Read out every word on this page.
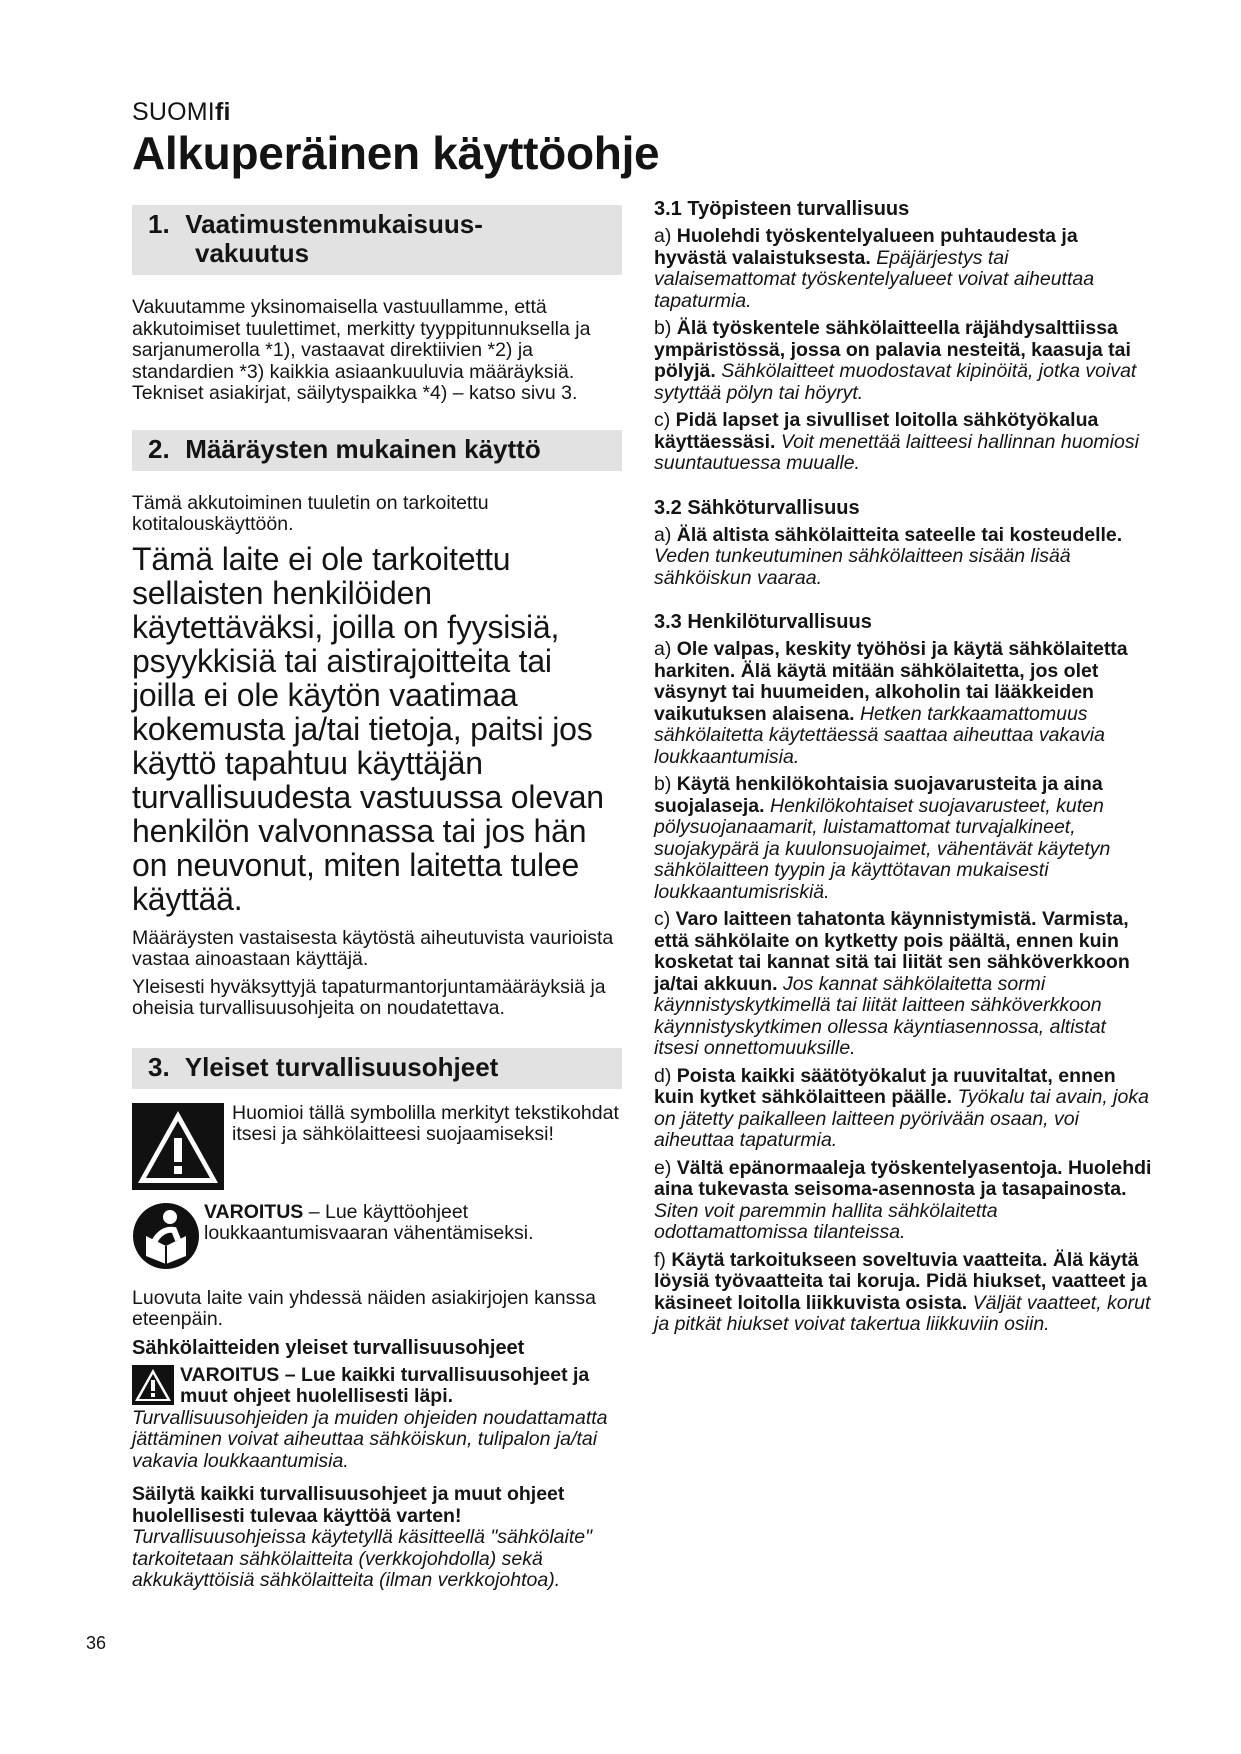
SUOMIfi
Alkuperäinen käyttöohje
1. Vaatimustenmukaisuus-
vakuutus

Vakuutamme yksinomaisella vastuullamme, että akkutoimiset tuulettimet, merkitty tyyppitunnuksella ja sarjanumerolla *1), vastaavat direktiivien *2) ja standardien *3) kaikkia asiaankuuluvia määräyksiä. Tekniset asiakirjat, säilytyspaikka *4) – katso sivu 3.

2. Määräysten mukainen käyttö

Tämä akkutoiminen tuuletin on tarkoitettu kotitalouskäyttöön.

Tämä laite ei ole tarkoitettu sellaisten henkilöiden käytettäväksi, joilla on fyysisiä, psyykkisiä tai aistirajoitteita tai joilla ei ole käytön vaatimaa kokemusta ja/tai tietoja, paitsi jos käyttö tapahtuu käyttäjän turvallisuudesta vastuussa olevan henkilön valvonnassa tai jos hän on neuvonut, miten laitetta tulee käyttää.

Määräysten vastaisesta käytöstä aiheutuvista vaurioista vastaa ainoastaan käyttäjä.

Yleisesti hyväksyttyjä tapaturmantorjuntamääräyksiä ja oheisia turvallisuusohjeita on noudatettava.

3. Yleiset turvallisuusohjeet

Huomioi tällä symbolilla merkityt tekstikohdat itsesi ja sähkölaitteesi suojaamiseksi!

VAROITUS – Lue käyttöohjeet loukkaantumisvaaran vähentämiseksi.

Luovuta laite vain yhdessä näiden asiakirjojen kanssa eteenpäin.

Sähkölaitteiden yleiset turvallisuusohjeet

VAROITUS – Lue kaikki turvallisuusohjeet ja muut ohjeet huolellisesti läpi.

Turvallisuusohjeiden ja muiden ohjeiden noudattamatta jättäminen voivat aiheuttaa sähköiskun, tulipalon ja/tai vakavia loukkaantumisia.

Säilytä kaikki turvallisuusohjeet ja muut ohjeet huolellisesti tulevaa käyttöä varten!

Turvallisuusohjeissa käytetyllä käsitteellä "sähkölaite" tarkoitetaan sähkölaitteita (verkkojohdolla) sekä akkukäyttöisiä sähkölaitteita (ilman verkkojohtoa).

3.1 Työpisteen turvallisuus

a) Huolehdi työskentelyalueen puhtaudesta ja hyvästä valaistuksesta. Epäjärjestys tai valaisemattomat työskentelyalueet voivat aiheuttaa tapaturmia.

b) Älä työskentele sähkölaitteella räjähdysalttiissa ympäristössä, jossa on palavia nesteitä, kaasuja tai pölyjä. Sähkölaitteet muodostavat kipinöitä, jotka voivat sytyttää pölyn tai höyryt.

c) Pidä lapset ja sivulliset loitolla sähkötyökalua käyttäessäsi. Voit menettää laitteesi hallinnan huomiosi suuntautuessa muualle.

3.2 Sähköturvallisuus

a) Älä altista sähkölaitteita sateelle tai kosteudelle. Veden tunkeutuminen sähkölaitteen sisään lisää sähköiskun vaaraa.

3.3 Henkilöturvallisuus

a) Ole valpas, keskity työhösi ja käytä sähkölaitetta harkiten. Älä käytä mitään sähkölaitetta, jos olet väsynyt tai huumeiden, alkoholin tai lääkkeiden vaikutuksen alaisena. Hetken tarkkaamattomuus sähkölaitetta käytettäessä saattaa aiheuttaa vakavia loukkaantumisia.

b) Käytä henkilökohtaisia suojavarusteita ja aina suojalaseja. Henkilökohtaiset suojavarusteet, kuten pölysuojanaamarit, luistamattomat turvajalkineet, suojakypärä ja kuulonsuojaimet, vähentävät käytetyn sähkölaitteen tyypin ja käyttötavan mukaisesti loukkaantumisriskiä.

c) Varo laitteen tahatonta käynnistymistä. Varmista, että sähkölaite on kytketty pois päältä, ennen kuin kosketat tai kannat sitä tai liität sen sähköverkkoon ja/tai akkuun. Jos kannat sähkölaitetta sormi käynnistyskytkimellä tai liität laitteen sähköverkkoon käynnistyskytkimen ollessa käyntiasennossa, altistat itsesi onnettomuuksille.

d) Poista kaikki säätötyökalut ja ruuvitaltat, ennen kuin kytket sähkölaitteen päälle. Työkalu tai avain, joka on jätetty paikalleen laitteen pyörivään osaan, voi aiheuttaa tapaturmia.

e) Vältä epänormaaleja työskentelyasentoja. Huolehdi aina tukevasta seisoma-asennosta ja tasapainosta. Siten voit paremmin hallita sähkölaitetta odottamattomissa tilanteissa.

f) Käytä tarkoitukseen soveltuvia vaatteita. Älä käytä löysiä työvaatteita tai koruja. Pidä hiukset, vaatteet ja käsineet loitolla liikkuvista osista. Väljät vaatteet, korut ja pitkät hiukset voivat takertua liikkuviin osiin.

36
